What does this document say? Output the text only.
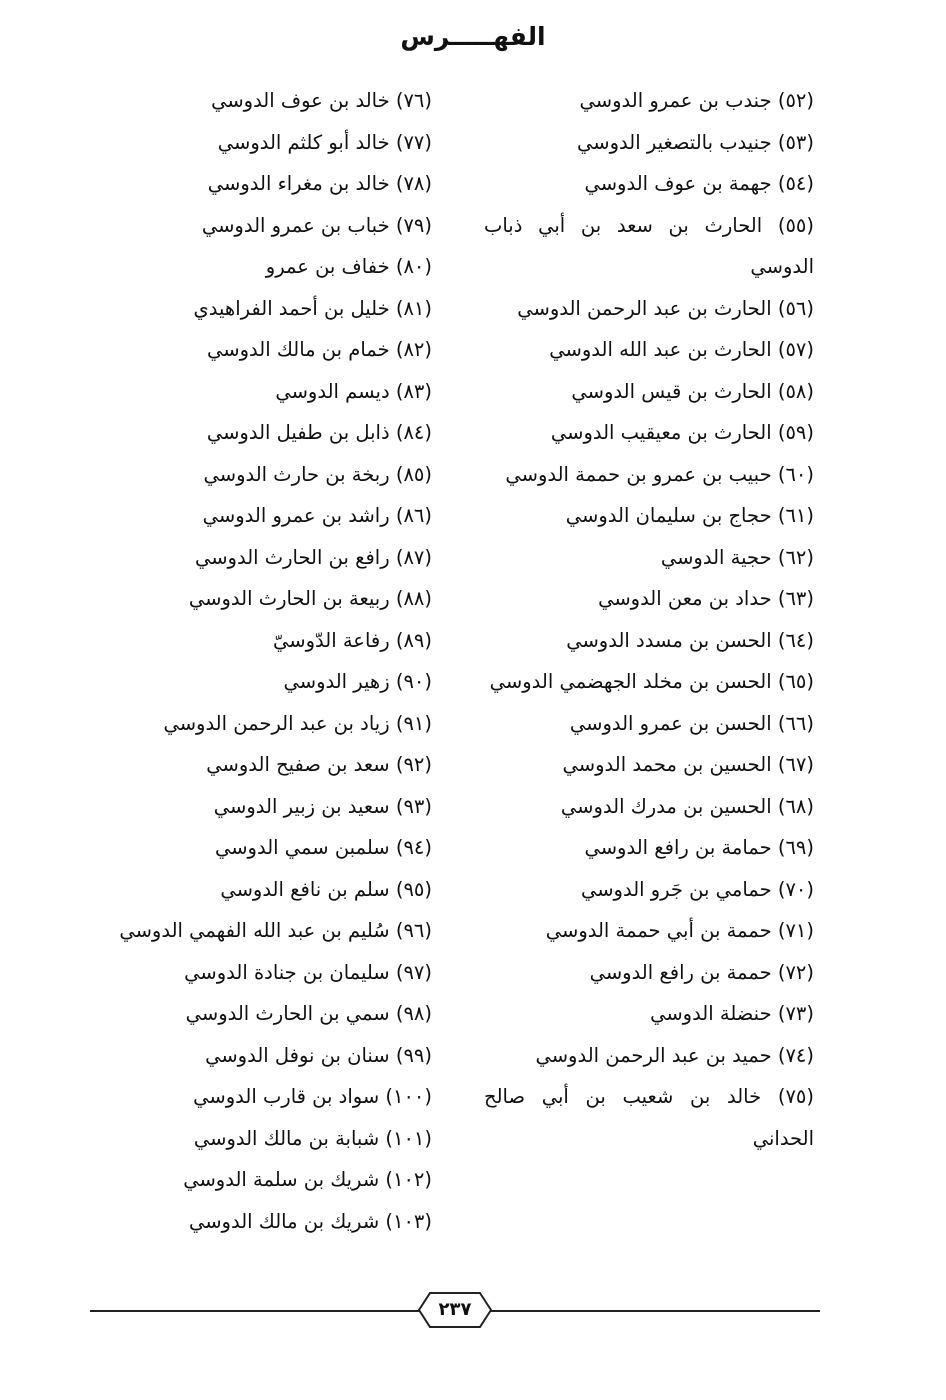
الفهـــــرس
(٥٢) جندب بن عمرو الدوسي
(٥٣) جنيدب بالتصغير الدوسي
(٥٤) جهمة بن عوف الدوسي
(٥٥) الحارث بن سعد بن أبي ذباب الدوسي
(٥٦) الحارث بن عبد الرحمن الدوسي
(٥٧) الحارث بن عبد الله الدوسي
(٥٨) الحارث بن قيس الدوسي
(٥٩) الحارث بن معيقيب الدوسي
(٦٠) حبيب بن عمرو بن حممة الدوسي
(٦١) حجاج بن سليمان الدوسي
(٦٢) حجية الدوسي
(٦٣) حداد بن معن الدوسي
(٦٤) الحسن بن مسدد الدوسي
(٦٥) الحسن بن مخلد الجهضمي الدوسي
(٦٦) الحسن بن عمرو الدوسي
(٦٧) الحسين بن محمد الدوسي
(٦٨) الحسين بن مدرك الدوسي
(٦٩) حمامة بن رافع الدوسي
(٧٠) حمامي بن جَرو الدوسي
(٧١) حممة بن أبي حممة الدوسي
(٧٢) حممة بن رافع الدوسي
(٧٣) حنضلة الدوسي
(٧٤) حميد بن عبد الرحمن الدوسي
(٧٥) خالد بن شعيب بن أبي صالح الحداني
(٧٦) خالد بن عوف الدوسي
(٧٧) خالد أبو كلثم الدوسي
(٧٨) خالد بن مغراء الدوسي
(٧٩) خباب بن عمرو الدوسي
(٨٠) خفاف بن عمرو
(٨١) خليل بن أحمد الفراهيدي
(٨٢) خمام بن مالك الدوسي
(٨٣) ديسم الدوسي
(٨٤) ذابل بن طفيل الدوسي
(٨٥) ربخة بن حارث الدوسي
(٨٦) راشد بن عمرو الدوسي
(٨٧) رافع بن الحارث الدوسي
(٨٨) ربيعة بن الحارث الدوسي
(٨٩) رفاعة الدّوسيّ
(٩٠) زهير الدوسي
(٩١) زياد بن عبد الرحمن الدوسي
(٩٢) سعد بن صفيح الدوسي
(٩٣) سعيد بن زبير الدوسي
(٩٤) سلمبن سمي الدوسي
(٩٥) سلم بن نافع الدوسي
(٩٦) سُليم بن عبد الله الفهمي الدوسي
(٩٧) سليمان بن جنادة الدوسي
(٩٨) سمي بن الحارث الدوسي
(٩٩) سنان بن نوفل الدوسي
(١٠٠) سواد بن قارب الدوسي
(١٠١) شبابة بن مالك الدوسي
(١٠٢) شريك بن سلمة الدوسي
(١٠٣) شريك بن مالك الدوسي
٢٣٧
